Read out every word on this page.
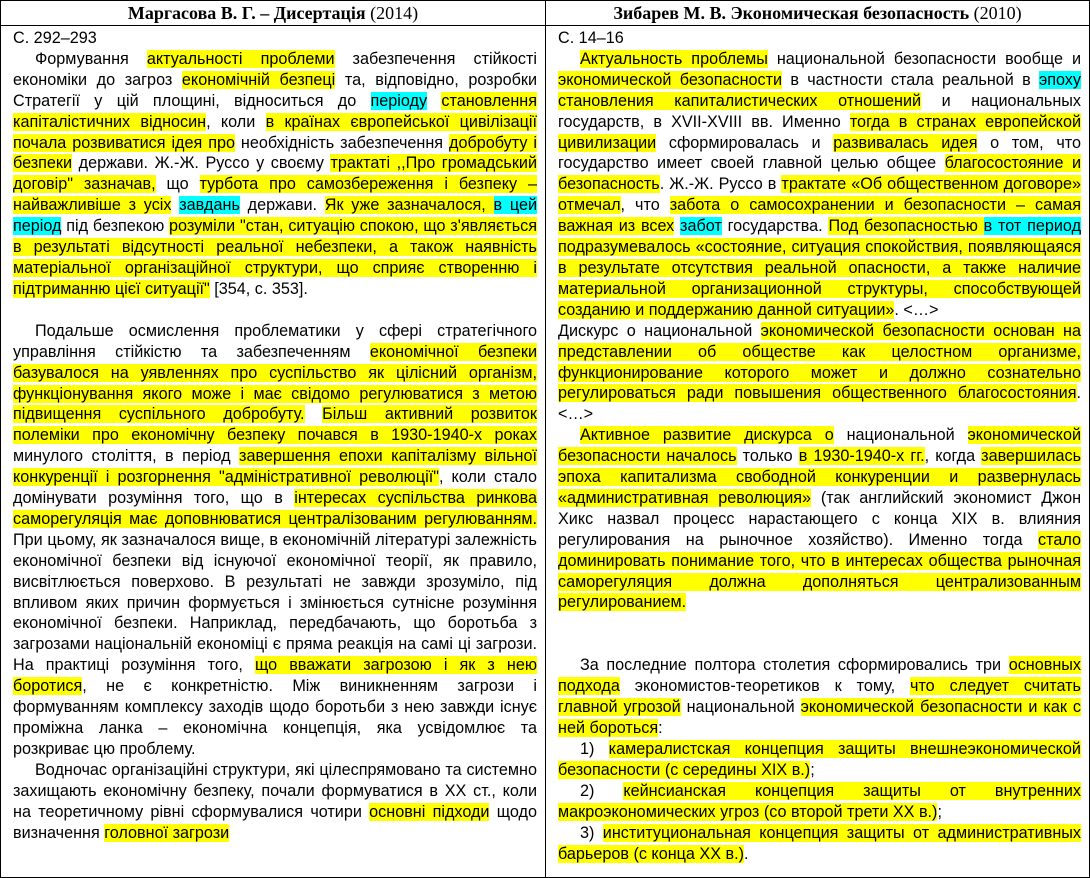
Маргасова В. Г. – Дисертація (2014)

С. 292–293

Формування актуальності проблеми забезпечення стійкості економіки до загроз економічній безпеці та, відповідно, розробки Стратегії у цій площині, відноситься до періоду становлення капіталістичних відносин, коли в країнах європейської цивілізації почала розвиватися ідея про необхідність забезпечення добробуту і безпеки держави. Ж.-Ж. Руссо у своєму трактаті ,,Про громадський договір" зазначав, що турбота про самозбереження і безпеку – найважливіше з усіх завдань держави. Як уже зазначалося, в цей період під безпекою розуміли "стан, ситуацію спокою, що з'являється в результаті відсутності реальної небезпеки, а також наявність матеріальної організаційної структури, що сприяє створенню і підтриманню цієї ситуації" [354, с. 353].

Подальше осмислення проблематики у сфері стратегічного управління стійкістю та забезпеченням економічної безпеки базувалося на уявленнях про суспільство як цілісний організм, функціонування якого може і має свідомо регулюватися з метою підвищення суспільного добробуту. Більш активний розвиток полеміки про економічну безпеку почався в 1930-1940-х роках минулого століття, в період завершення епохи капіталізму вільної конкуренції і розгорнення "адміністративної революції", коли стало домінувати розуміння того, що в інтересах суспільства ринкова саморегуляція має доповнюватися централізованим регулюванням. При цьому, як зазначалося вище, в економічній літературі залежність економічної безпеки від існуючої економічної теорії, як правило, висвітлюється поверхово. В результаті не завжди зрозуміло, під впливом яких причин формується і змінюється сутнісне розуміння економічної безпеки. Наприклад, передбачають, що боротьба з загрозами національній економіці є пряма реакція на самі ці загрози. На практиці розуміння того, що вважати загрозою і як з нею боротися, не є конкретністю. Між виникненням загрози і формуванням комплексу заходів щодо боротьби з нею завжди існує проміжна ланка – економічна концепція, яка усвідомлює та розкриває цю проблему.

Водночас організаційні структури, які цілеспрямовано та системно захищають економічну безпеку, почали формуватися в ХХ ст., коли на теоретичному рівні сформувалися чотири основні підходи щодо визначення головної загрози

Зибарев М. В. Экономическая безопасность (2010)

С. 14–16

Актуальность проблемы национальной безопасности вообще и экономической безопасности в частности стала реальной в эпоху становления капиталистических отношений и национальных государств, в XVII-XVIII вв. Именно тогда в странах европейской цивилизации сформировалась и развивалась идея о том, что государство имеет своей главной целью общее благосостояние и безопасность. Ж.-Ж. Руссо в трактате «Об общественном договоре» отмечал, что забота о самосохранении и безопасности – самая важная из всех забот государства. Под безопасностью в тот период подразумевалось «состояние, ситуация спокойствия, появляющаяся в результате отсутствия реальной опасности, а также наличие материальной организационной структуры, способствующей созданию и поддержанию данной ситуации». <…>

Дискурс о национальной экономической безопасности основан на представлении об обществе как целостном организме, функционирование которого может и должно сознательно регулироваться ради повышения общественного благосостояния. <…>

Активное развитие дискурса о национальной экономической безопасности началось только в 1930-1940-х гг., когда завершилась эпоха капитализма свободной конкуренции и развернулась «административная революция» (так английский экономист Джон Хикс назвал процесс нарастающего с конца XIX в. влияния регулирования на рыночное хозяйство). Именно тогда стало доминировать понимание того, что в интересах общества рыночная саморегуляция должна дополняться централизованным регулированием.

За последние полтора столетия сформировались три основных подхода экономистов-теоретиков к тому, что следует считать главной угрозой национальной экономической безопасности и как с ней бороться:

1) камералистская концепция защиты внешнеэкономической безопасности (с середины XIX в.);

2) кейнсианская концепция защиты от внутренних макроэкономических угроз (со второй трети XX в.);

3) институциональная концепция защиты от административных барьеров (с конца XX в.).
